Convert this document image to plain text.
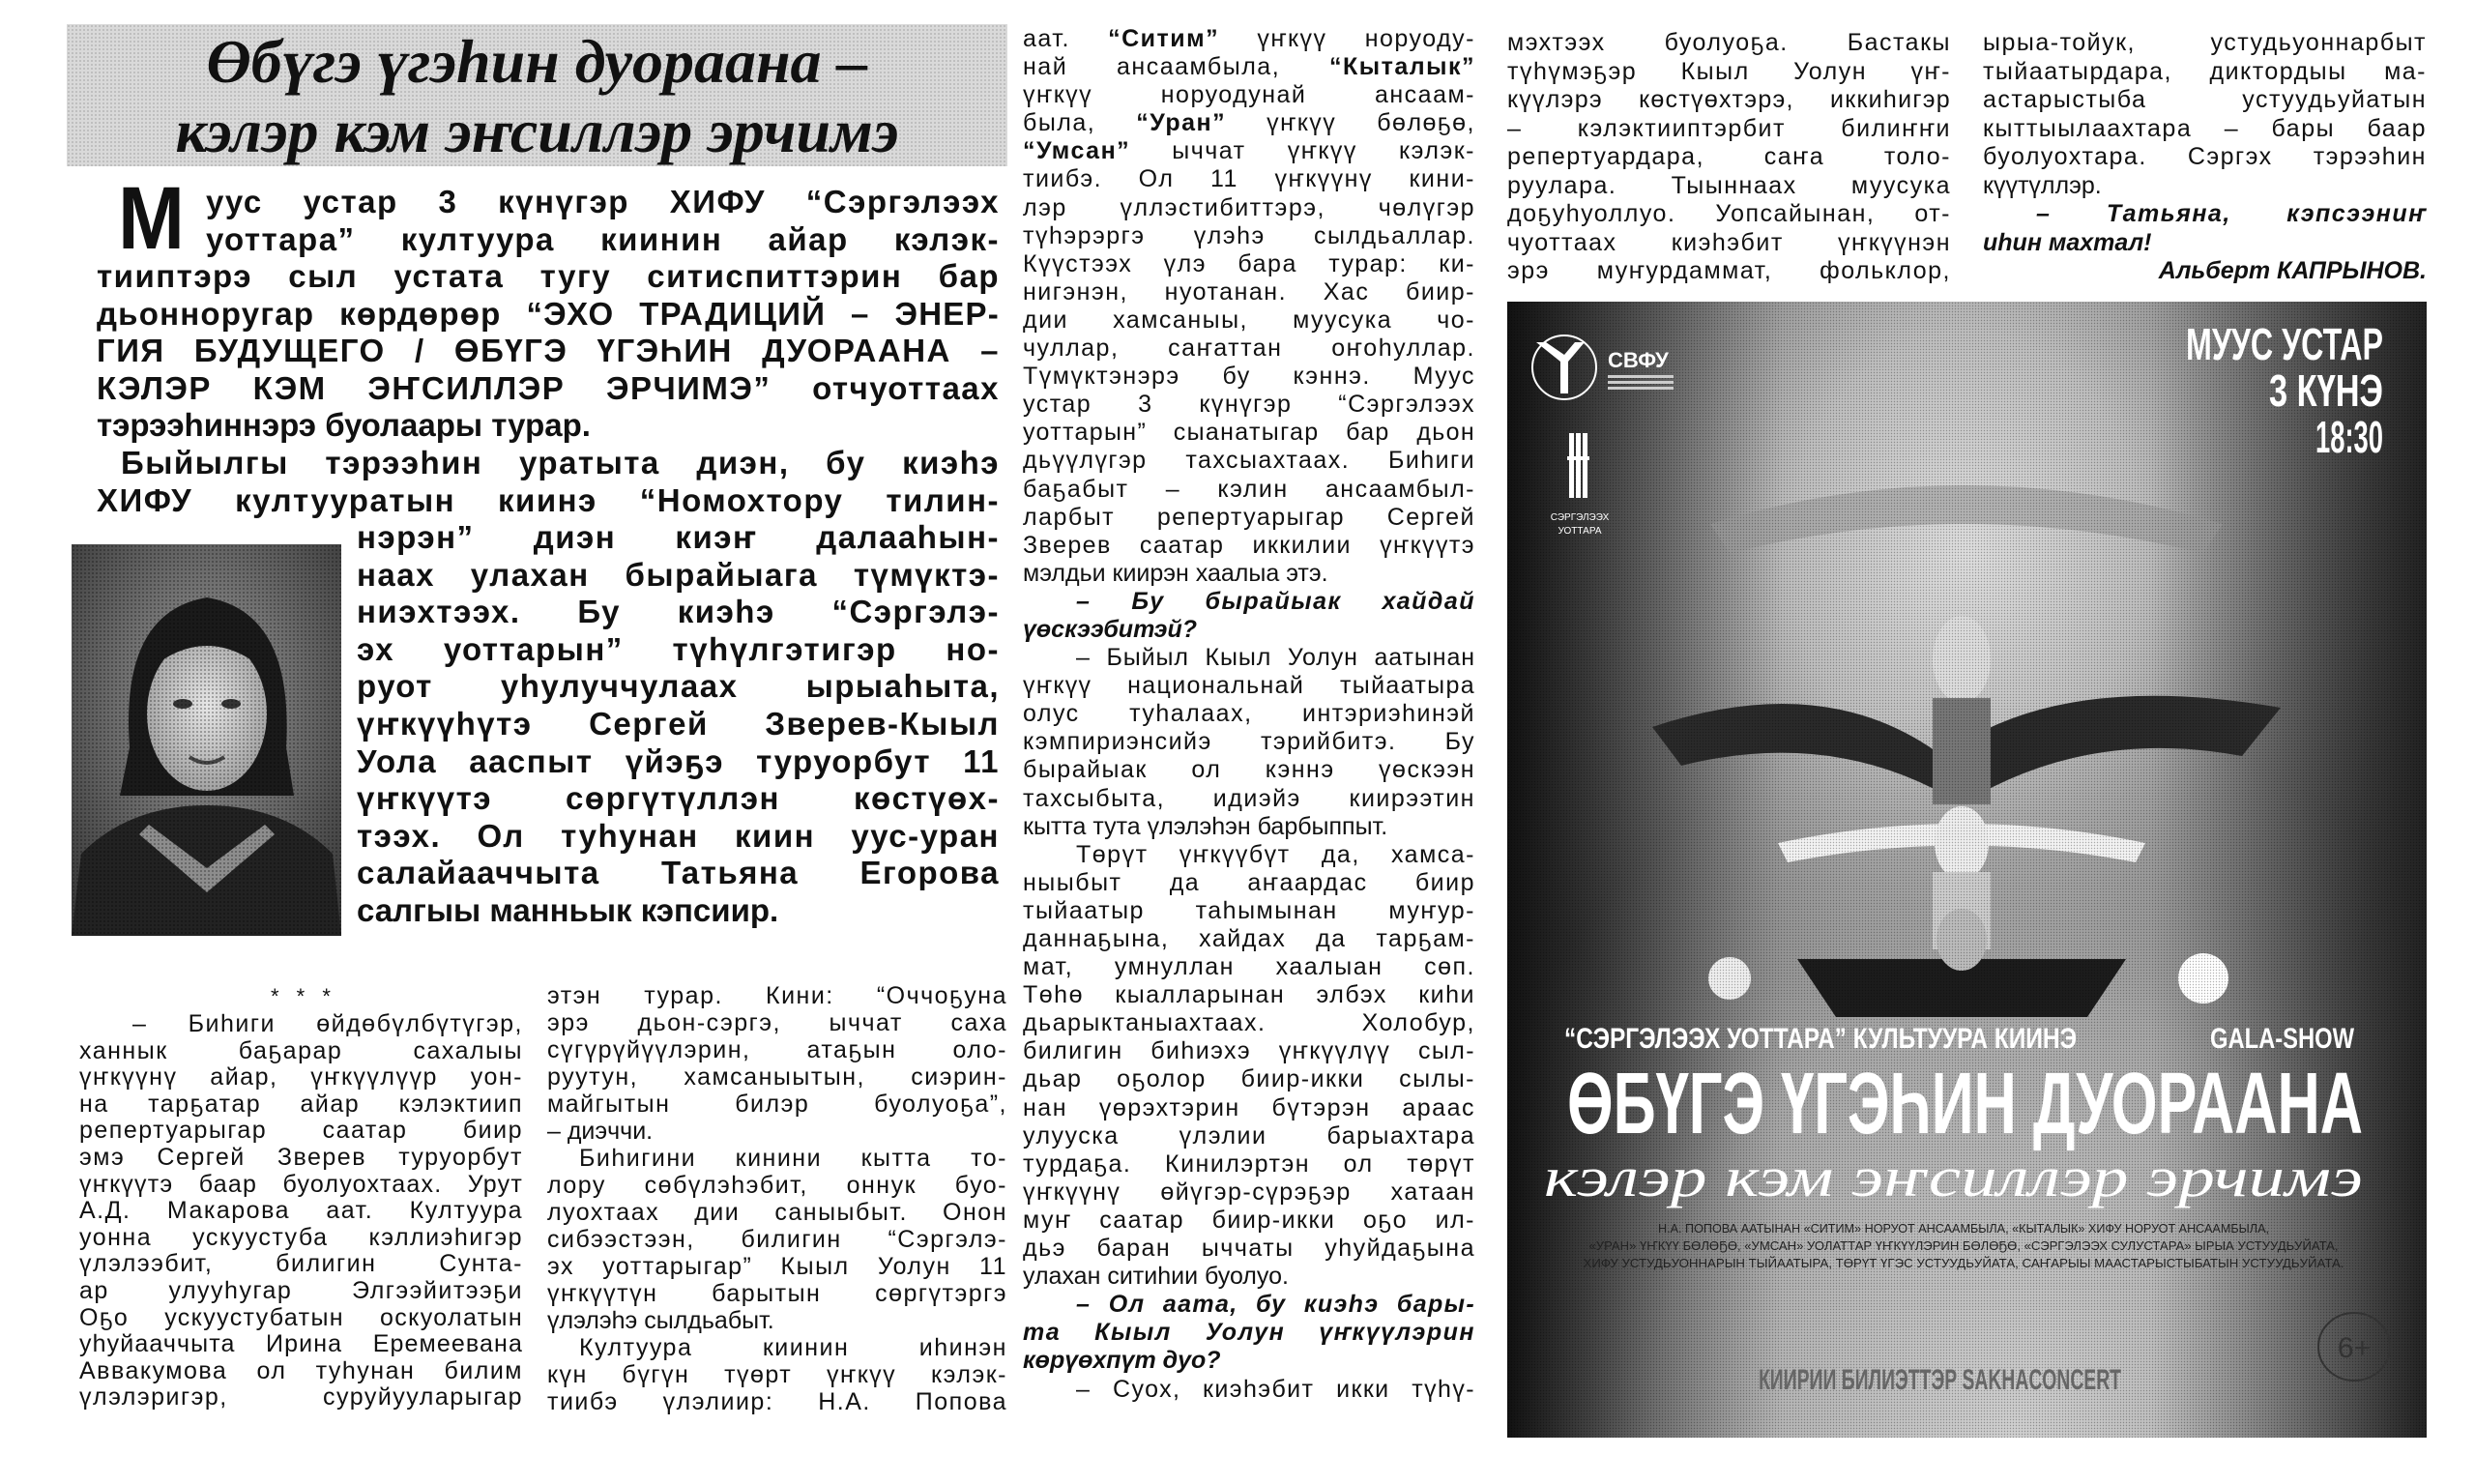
Өбүгэ үгэһин дуораана –
кэлэр кэм эҥсиллэр эрчимэ
М уус устар 3 күнүгэр ХИФУ “Сэргэлээх
уоттара” култуура киинин айар кэлэк-
тииптэрэ сыл устата тугу ситиспиттэрин бар
дьонноругар көрдөрөр “ЭХО ТРАДИЦИЙ – ЭНЕР-
ГИЯ БУДУЩЕГО / ӨБҮГЭ ҮГЭҺИН ДУОРААНА –
КЭЛЭР КЭМ ЭҤСИЛЛЭР ЭРЧИМЭ” отчуоттаах
тэрээһиннэрэ буолаары турар.
Быйылгы тэрээһин уратыта диэн, бу киэһэ
ХИФУ култууратын киинэ “Номохтору тилин-
нэрэн” диэн киэҥ далааһын-
наах улахан бырайыага түмүктэ-
ниэхтээх. Бу киэһэ “Сэргэлэ-
эх уоттарын” түһүлгэтигэр но-
руот уһулуччулаах ырыаһыта,
үҥкүүһүтэ Сергей Зверев-Кыыл
Уола ааспыт үйэҕэ туруорбут 11
үҥкүүтэ сөргүтүллэн көстүөх-
тээх. Ол туһунан киин уус-уран
салайааччыта Татьяна Егорова
салгыы манньык кэпсиир.
* * *
– Биһиги өйдөбүлбүтүгэр,
ханнык баҕарар сахалыы
үҥкүүнү айар, үҥкүүлүүр уон-
на тарҕатар айар кэлэктиип
репертуарыгар саатар биир
эмэ Сергей Зверев туруорбут
үҥкүүтэ баар буолуохтаах. Урут
А.Д. Макарова аат. Култуура
уонна ускуустуба кэллиэһигэр
үлэлээбит, билигин Сунта-
ар улууһугар Элгээйитээҕи
Оҕо ускуустубатын оскуолатын
уһуйааччыта Ирина Еремеевана
Аввакумова ол туһунан билим
үлэлэригэр, суруйууларыгар
этэн турар. Кини: “Оччоҕуна
эрэ дьон-сэргэ, ыччат саха
сүгүрүйүүлэрин, атаҕын оло-
руутун, хамсаныытын, сиэрин-
майгытын билэр буолуоҕа”,
– диэччи.
Биһигини кинини кытта то-
лору сөбүлэһэбит, оннук буо-
луохтаах дии саныыбыт. Онон
сибээстээн, билигин “Сэргэлэ-
эх уоттарыгар” Кыыл Уолун 11
үҥкүүтүн барытын сөргүтэргэ
үлэлэһэ сылдьабыт.
Култуура киинин иһинэн
күн бүгүн түөрт үҥкүү кэлэк-
тиибэ үлэлиир: Н.А. Попова
аат. “Ситим” үҥкүү норуоду-
най ансаамбыла, “Кыталык”
үҥкүү норуодунай ансаам-
была, “Уран” үҥкүү бөлөҕө,
“Умсан” ыччат үҥкүү кэлэк-
тиибэ. Ол 11 үҥкүүнү кини-
лэр үллэстибиттэрэ, чөлүгэр
түһэрэргэ үлэһэ сылдьаллар.
Күүстээх үлэ бара турар: ки-
нигэнэн, нуотанан. Хас биир-
дии хамсаныы, муусука чо-
чуллар, саҥаттан оҥоһуллар.
Түмүктэнэрэ бу кэннэ. Муус
устар 3 күнүгэр “Сэргэлээх
уоттарын” сыанатыгар бар дьон
дьүүлүгэр тахсыахтаах. Биһиги
баҕабыт – кэлин ансаамбыл-
ларбыт репертуарыгар Сергей
Зверев саатар иккилии үҥкүүтэ
мэлдьи киирэн хаалыа этэ.
– Бу бырайыак хайдай
үөскээбитэй?
– Быйыл Кыыл Уолун аатынан
үҥкүү национальнай тыйаатыра
олус туһалаах, интэриэһинэй
кэмпириэнсийэ тэрийбитэ. Бу
бырайыак ол кэннэ үөскээн
тахсыбыта, идиэйэ киирээтин
кытта тута үлэлэһэн барбыппыт.
Төрүт үҥкүүбүт да, хамса-
ныыбыт да аҥаардас биир
тыйаатыр таһымынан муҥур-
даннаҕына, хайдах да тарҕам-
мат, умнуллан хаалыан сөп.
Төһө кыалларынан элбэх киһи
дьарыктаныахтаах. Холобур,
билигин биһиэхэ үҥкүүлүү сыл-
дьар оҕолор биир-икки сылы-
нан үөрэхтэрин бүтэрэн араас
улууска үлэлии барыахтара
турдаҕа. Кинилэртэн ол төрүт
үҥкүүнү өйүгэр-сүрэҕэр хатаан
муҥ саатар биир-икки оҕо ил-
дьэ баран ыччаты уһуйдаҕына
улахан ситиһии буолуо.
– Ол аата, бу киэһэ бары-
та Кыыл Уолун үҥкүүлэрин
көрүөхпүт дуо?
– Суох, киэһэбит икки түһү-
мэхтээх буолуоҕа. Бастакы
түһүмэҕэр Кыыл Уолун үҥ-
күүлэрэ көстүөхтэрэ, иккиһигэр
– кэлэктииптэрбит билиҥҥи
репертуардара, саҥа толо-
руулара. Тыыннаах муусука
доҕуһуоллуо. Уопсайынан, от-
чуоттаах киэһэбит үҥкүүнэн
эрэ муҥурдаммат, фольклор,
ырыа-тойук, устудьуоннарбыт
тыйаатырдара, диктордыы ма-
астарыстыба устуудьуйатын
кыттыылаахтара – бары баар
буолуохтара. Сэргэх тэрээһин
күүтүллэр.
– Татьяна, кэпсээниҥ
иһин махтал!
Альберт КАПРЫНОВ.
СВФУ
СЭРГЭЛЭЭХ
УОТТАРА
МУУС УСТАР
3 КҮНЭ
18:30
“СЭРГЭЛЭЭХ УОТТАРА” КУЛЬТУУРА КИИНЭ	GALA-SHOW
ӨБҮГЭ ҮГЭҺИН ДУОРААНА
кэлэр кэм эҥсиллэр эрчимэ
Н.А. ПОПОВА ААТЫНАН «СИТИМ» НОРУОТ АНСААМБЫЛА, «КЫТАЛЫК» ХИФУ НОРУОТ АНСААМБЫЛА,
«УРАН» ҮҤКҮҮ БӨЛӨҔӨ, «УМСАН» УОЛАТТАР ҮҤКҮҮЛЭРИН БӨЛӨҔӨ, «СЭРГЭЛЭЭХ СУЛУСТАРА» ЫРЫА УСТУУДЬУЙАТА,
ХИФУ УСТУДЬУОННАРЫН ТЫЙААТЫРА, ТӨРҮТ ҮГЭС УСТУУДЬУЙАТА, САҤАРЫЫ МААСТАРЫСТЫБАТЫН УСТУУДЬУЙАТА.
КИИРИИ БИЛИЭТТЭР SAKHACONCERT
6+
